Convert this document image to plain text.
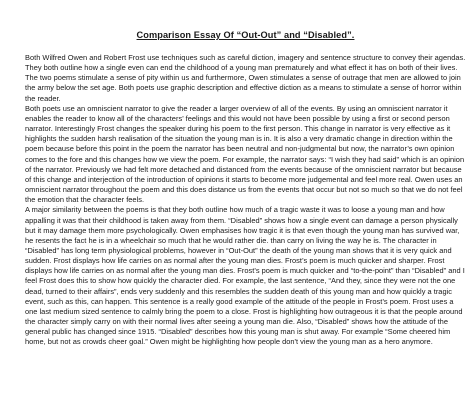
Comparison Essay Of “Out-Out” and “Disabled”.

Both Wilfred Owen and Robert Frost use techniques such as careful diction, imagery and sentence structure to convey their agendas. They both outline how a single even can end the childhood of a young man prematurely and what effect it has on both of their lives. The two poems stimulate a sense of pity within us and furthermore, Owen stimulates a sense of outrage that men are allowed to join the army below the set age. Both poets use graphic description and effective diction as a means to stimulate a sense of horror within the reader.

Both poets use an omniscient narrator to give the reader a larger overview of all of the events. By using an omniscient narrator it enables the reader to know all of the characters’ feelings and this would not have been possible by using a first or second person narrator. Interestingly Frost changes the speaker during his poem to the first person. This change in narrator is very effective as it highlights the sudden harsh realisation of the situation the young man is in. It is also a very dramatic change in direction within the poem because before this point in the poem the narrator has been neutral and non-judgmental but now, the narrator’s own opinion comes to the fore and this changes how we view the poem. For example, the narrator says: “I wish they had said” which is an opinion of the narrator. Previously we had felt more detached and distanced from the events because of the omniscient narrator but because of this change and interjection of the introduction of opinions it starts to become more judgemental and feel more real. Owen uses an omniscient narrator throughout the poem and this does distance us from the events that occur but not so much so that we do not feel the emotion that the character feels.

A major similarity between the poems is that they both outline how much of a tragic waste it was to loose a young man and how appalling it was that their childhood is taken away from them. “Disabled” shows how a single event can damage a person physically but it may damage them more psychologically. Owen emphasises how tragic it is that even though the young man has survived war, he resents the fact he is in a wheelchair so much that he would rather die. than carry on living the way he is. The character in “Disabled” has long term physiological problems, however in “Out-Out” the death of the young man shows that it is very quick and sudden. Frost displays how life carries on as normal after the young man dies. Frost’s poem is much quicker and sharper. Frost displays how life carries on as normal after the young man dies. Frost’s poem is much quicker and “to-the-point” than “Disabled” and I feel Frost does this to show how quickly the character died. For example, the last sentence, “And they, since they were not the one dead, turned to their affairs”, ends very suddenly and this resembles the sudden death of this young man and how quickly a tragic event, such as this, can happen. This sentence is a really good example of the attitude of the people in Frost’s poem. Frost uses a one last medium sized sentence to calmly bring the poem to a close. Frost is highlighting how outrageous it is that the people around the character simply carry on with their normal lives after seeing a young man die. Also, “Disabled” shows how the attitude of the general public has changed since 1915. “Disabled” describes how this young man is shut away. For example “Some cheered him home, but not as crowds cheer goal.” Owen might be highlighting how people don't view the young man as a hero anymore.
